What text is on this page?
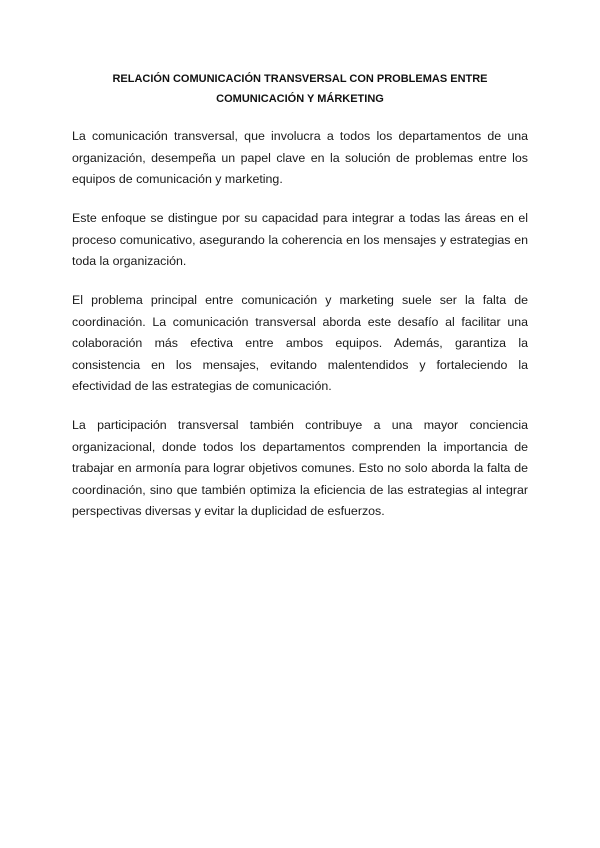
RELACIÓN COMUNICACIÓN TRANSVERSAL CON PROBLEMAS ENTRE
COMUNICACIÓN Y MÁRKETING

La comunicación transversal, que involucra a todos los departamentos de una organización, desempeña un papel clave en la solución de problemas entre los equipos de comunicación y marketing.

Este enfoque se distingue por su capacidad para integrar a todas las áreas en el proceso comunicativo, asegurando la coherencia en los mensajes y estrategias en toda la organización.

El problema principal entre comunicación y marketing suele ser la falta de coordinación. La comunicación transversal aborda este desafío al facilitar una colaboración más efectiva entre ambos equipos. Además, garantiza la consistencia en los mensajes, evitando malentendidos y fortaleciendo la efectividad de las estrategias de comunicación.

La participación transversal también contribuye a una mayor conciencia organizacional, donde todos los departamentos comprenden la importancia de trabajar en armonía para lograr objetivos comunes. Esto no solo aborda la falta de coordinación, sino que también optimiza la eficiencia de las estrategias al integrar perspectivas diversas y evitar la duplicidad de esfuerzos.
